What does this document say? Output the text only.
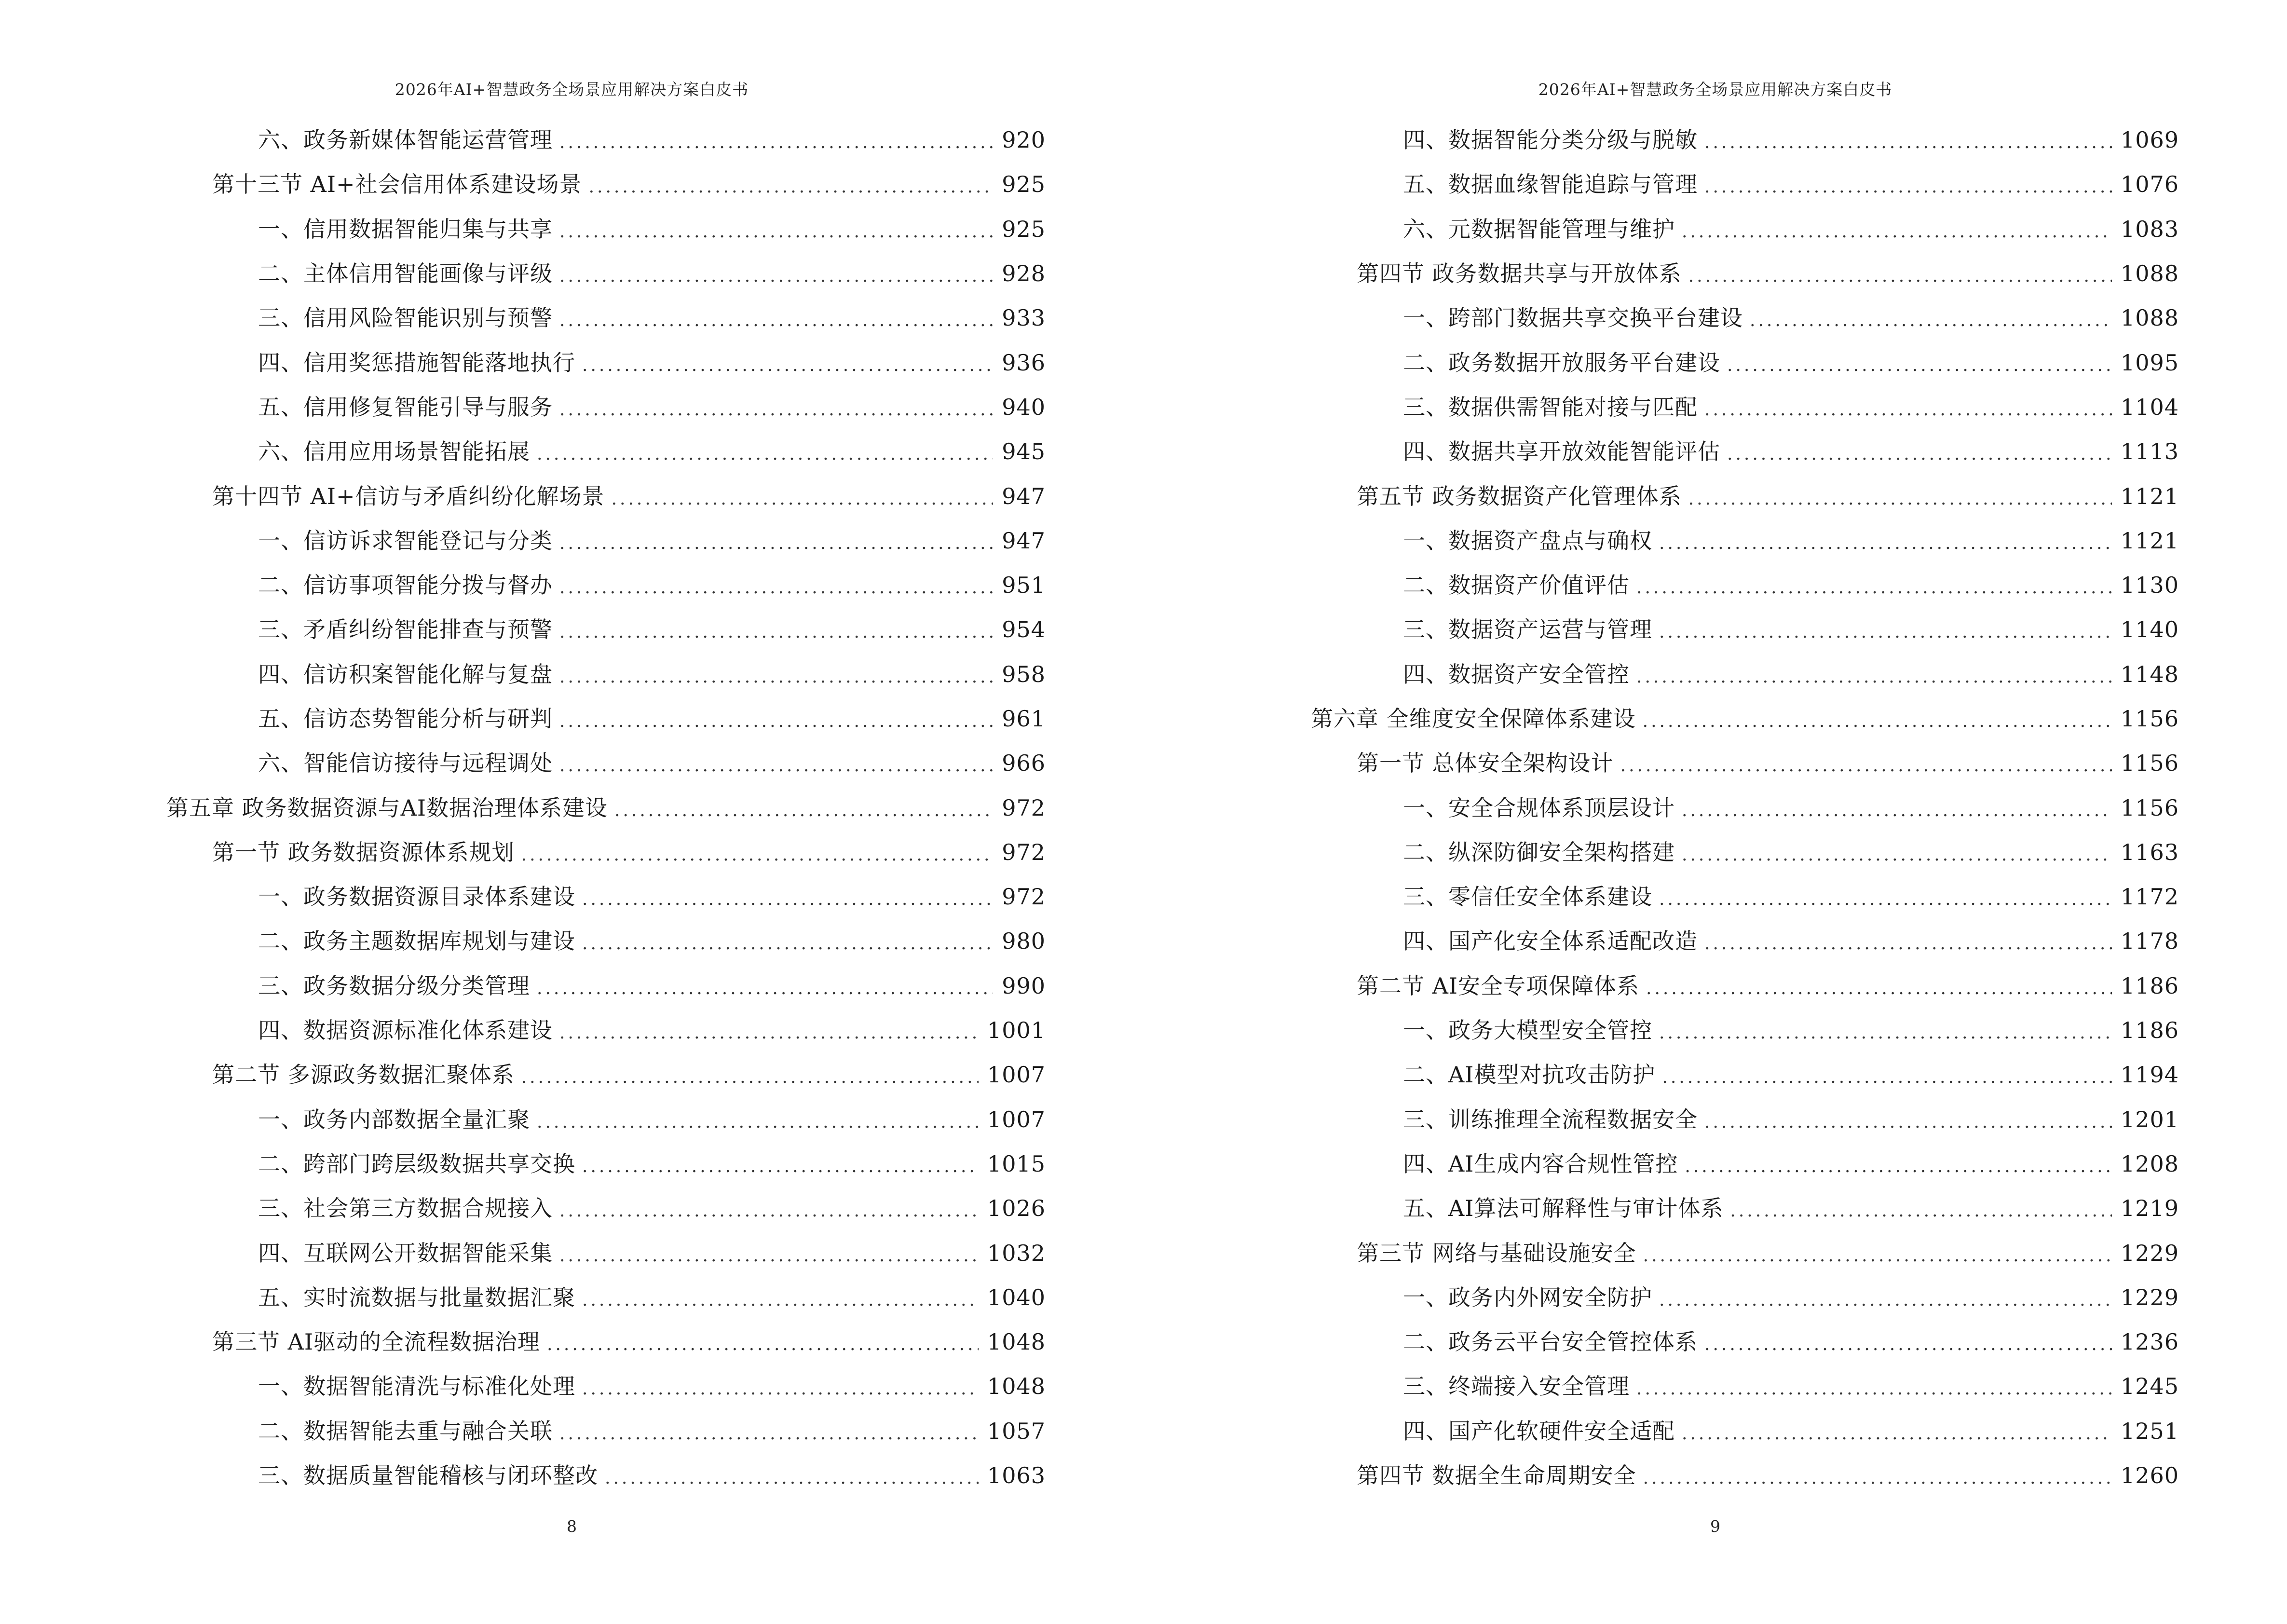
2026年AI+智慧政务全场景应用解决方案白皮书
六、政务新媒体智能运营管理 .....	920
第十三节 AI+社会信用体系建设场景 .....	925
一、信用数据智能归集与共享 .....	925
二、主体信用智能画像与评级 .....	928
三、信用风险智能识别与预警 .....	933
四、信用奖惩措施智能落地执行 .....	936
五、信用修复智能引导与服务 .....	940
六、信用应用场景智能拓展 .....	945
第十四节 AI+信访与矛盾纠纷化解场景 .....	947
一、信访诉求智能登记与分类 .....	947
二、信访事项智能分拨与督办 .....	951
三、矛盾纠纷智能排查与预警 .....	954
四、信访积案智能化解与复盘 .....	958
五、信访态势智能分析与研判 .....	961
六、智能信访接待与远程调处 .....	966
第五章 政务数据资源与AI数据治理体系建设 .....	972
第一节 政务数据资源体系规划 .....	972
一、政务数据资源目录体系建设 .....	972
二、政务主题数据库规划与建设 .....	980
三、政务数据分级分类管理 .....	990
四、数据资源标准化体系建设 .....	1001
第二节 多源政务数据汇聚体系 .....	1007
一、政务内部数据全量汇聚 .....	1007
二、跨部门跨层级数据共享交换 .....	1015
三、社会第三方数据合规接入 .....	1026
四、互联网公开数据智能采集 .....	1032
五、实时流数据与批量数据汇聚 .....	1040
第三节 AI驱动的全流程数据治理 .....	1048
一、数据智能清洗与标准化处理 .....	1048
二、数据智能去重与融合关联 .....	1057
三、数据质量智能稽核与闭环整改 .....	1063
8
2026年AI+智慧政务全场景应用解决方案白皮书
四、数据智能分类分级与脱敏 .....	1069
五、数据血缘智能追踪与管理 .....	1076
六、元数据智能管理与维护 .....	1083
第四节 政务数据共享与开放体系 .....	1088
一、跨部门数据共享交换平台建设 .....	1088
二、政务数据开放服务平台建设 .....	1095
三、数据供需智能对接与匹配 .....	1104
四、数据共享开放效能智能评估 .....	1113
第五节 政务数据资产化管理体系 .....	1121
一、数据资产盘点与确权 .....	1121
二、数据资产价值评估 .....	1130
三、数据资产运营与管理 .....	1140
四、数据资产安全管控 .....	1148
第六章 全维度安全保障体系建设 .....	1156
第一节 总体安全架构设计 .....	1156
一、安全合规体系顶层设计 .....	1156
二、纵深防御安全架构搭建 .....	1163
三、零信任安全体系建设 .....	1172
四、国产化安全体系适配改造 .....	1178
第二节 AI安全专项保障体系 .....	1186
一、政务大模型安全管控 .....	1186
二、AI模型对抗攻击防护 .....	1194
三、训练推理全流程数据安全 .....	1201
四、AI生成内容合规性管控 .....	1208
五、AI算法可解释性与审计体系 .....	1219
第三节 网络与基础设施安全 .....	1229
一、政务内外网安全防护 .....	1229
二、政务云平台安全管控体系 .....	1236
三、终端接入安全管理 .....	1245
四、国产化软硬件安全适配 .....	1251
第四节 数据全生命周期安全 .....	1260
9
